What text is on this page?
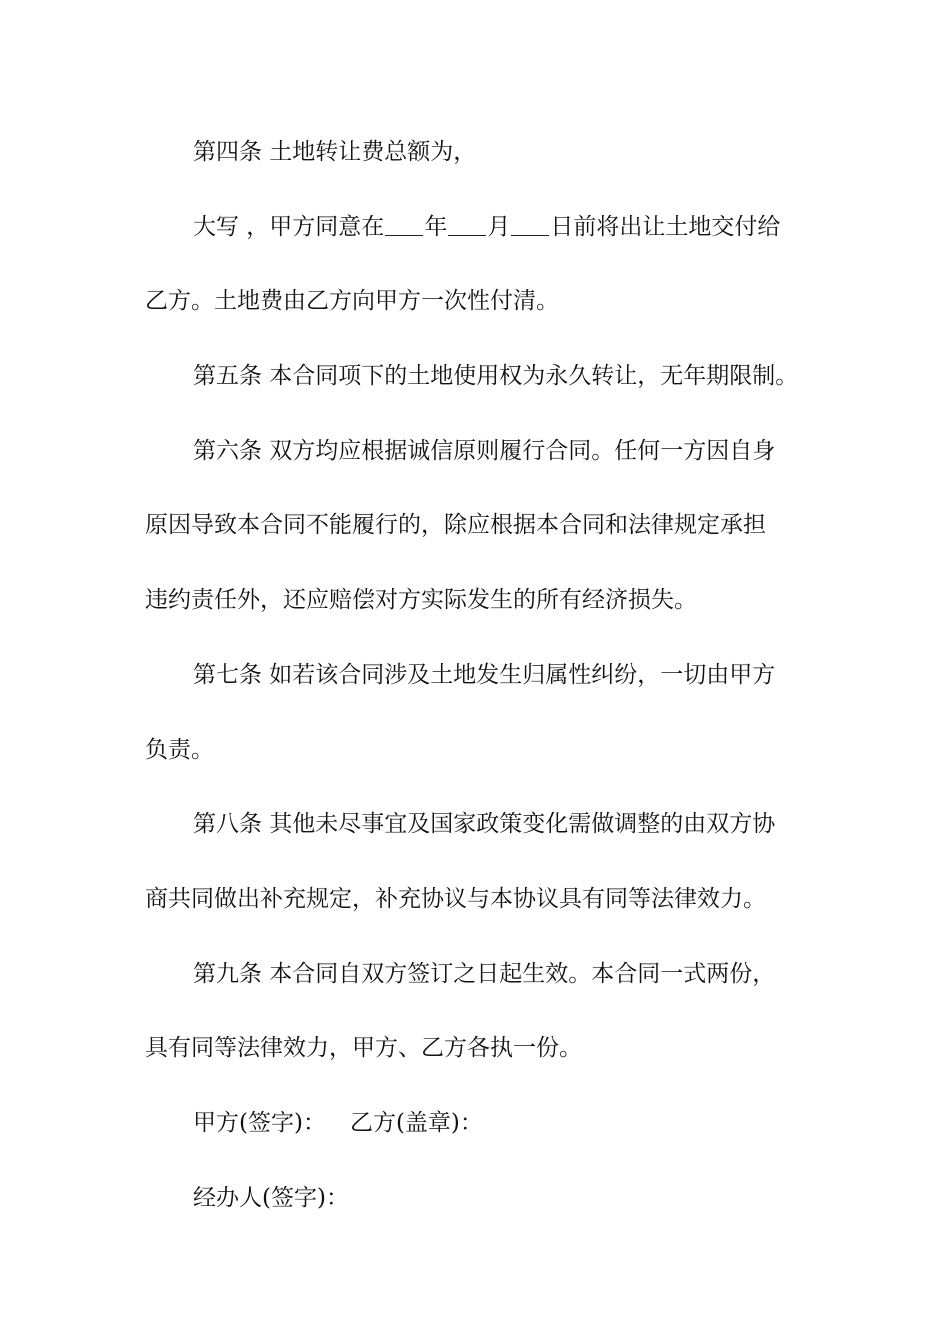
第四条 土地转让费总额为，
大写 ，甲方同意在 年 月 日前将出让土地交付给
乙方。土地费由乙方向甲方一次性付清。
第五条 本合同项下的土地使用权为永久转让，无年期限制。
第六条 双方均应根据诚信原则履行合同。任何一方因自身
原因导致本合同不能履行的，除应根据本合同和法律规定承担
违约责任外，还应赔偿对方实际发生的所有经济损失。
第七条 如若该合同涉及土地发生归属性纠纷，一切由甲方
负责。
第八条 其他未尽事宜及国家政策变化需做调整的由双方协
商共同做出补充规定，补充协议与本协议具有同等法律效力。
第九条 本合同自双方签订之日起生效。本合同一式两份，
具有同等法律效力，甲方、乙方各执一份。
甲方(签字)： 乙方(盖章)：
经办人(签字)：
